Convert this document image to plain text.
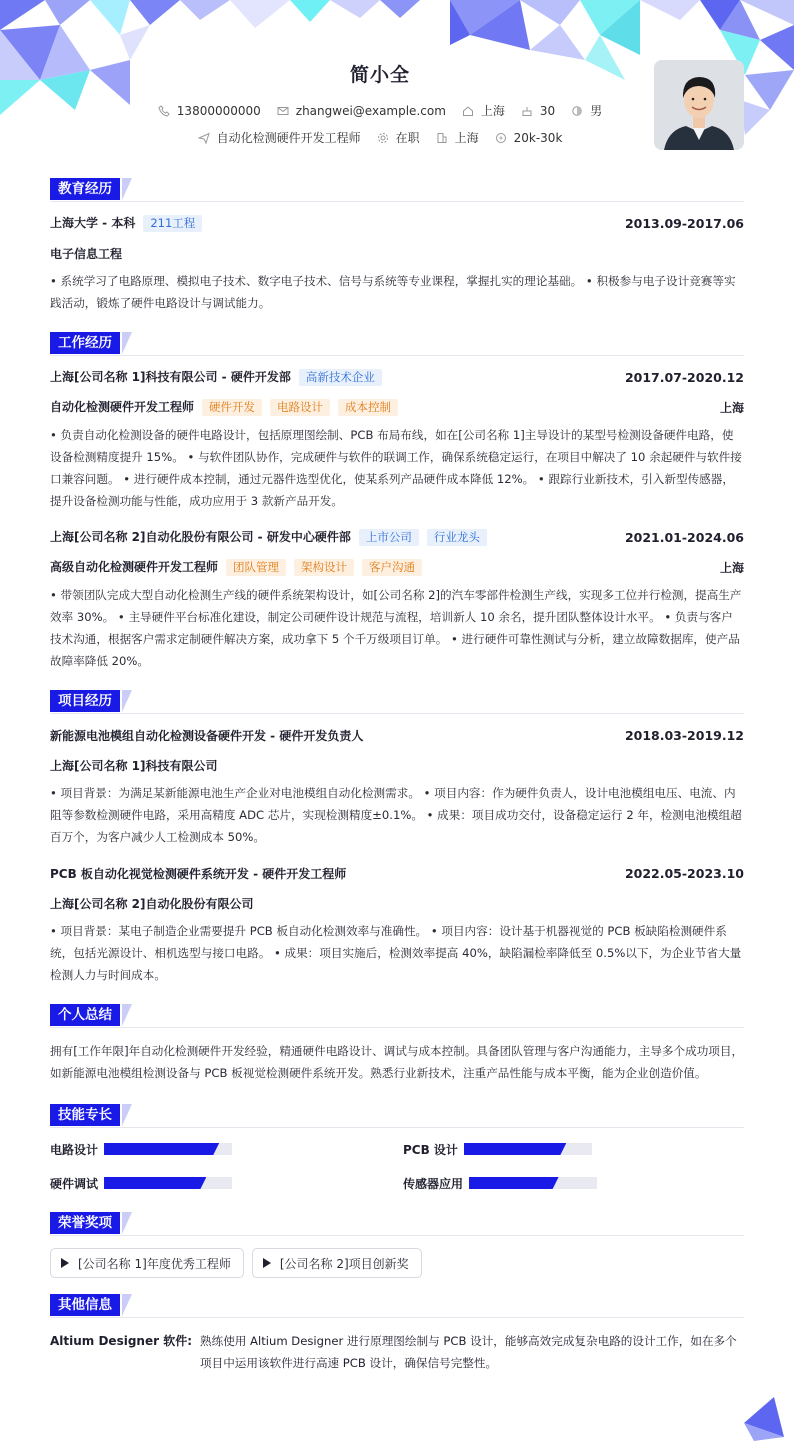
简小全
13800000000	zhangwei@example.com	上海	30	男
自动化检测硬件开发工程师	在职	上海	20k-30k
教育经历
上海大学 - 本科 211工程	2013.09-2017.06
电子信息工程
• 系统学习了电路原理、模拟电子技术、数字电子技术、信号与系统等专业课程，掌握扎实的理论基础。 • 积极参与电子设计竞赛等实践活动，锻炼了硬件电路设计与调试能力。
工作经历
上海[公司名称 1]科技有限公司 - 硬件开发部 高新技术企业	2017.07-2020.12
自动化检测硬件开发工程师 硬件开发 电路设计 成本控制	上海
• 负责自动化检测设备的硬件电路设计，包括原理图绘制、PCB 布局布线，如在[公司名称 1]主导设计的某型号检测设备硬件电路，使设备检测精度提升 15%。 • 与软件团队协作，完成硬件与软件的联调工作，确保系统稳定运行，在项目中解决了 10 余起硬件与软件接口兼容问题。 • 进行硬件成本控制，通过元器件选型优化，使某系列产品硬件成本降低 12%。 • 跟踪行业新技术，引入新型传感器，提升设备检测功能与性能，成功应用于 3 款新产品开发。
上海[公司名称 2]自动化股份有限公司 - 研发中心硬件部 上市公司 行业龙头	2021.01-2024.06
高级自动化检测硬件开发工程师 团队管理 架构设计 客户沟通	上海
• 带领团队完成大型自动化检测生产线的硬件系统架构设计，如[公司名称 2]的汽车零部件检测生产线，实现多工位并行检测，提高生产效率 30%。 • 主导硬件平台标准化建设，制定公司硬件设计规范与流程，培训新人 10 余名，提升团队整体设计水平。 • 负责与客户技术沟通，根据客户需求定制硬件解决方案，成功拿下 5 个千万级项目订单。 • 进行硬件可靠性测试与分析，建立故障数据库，使产品故障率降低 20%。
项目经历
新能源电池模组自动化检测设备硬件开发 - 硬件开发负责人	2018.03-2019.12
上海[公司名称 1]科技有限公司
• 项目背景：为满足某新能源电池生产企业对电池模组自动化检测需求。 • 项目内容：作为硬件负责人，设计电池模组电压、电流、内阻等参数检测硬件电路，采用高精度 ADC 芯片，实现检测精度±0.1%。 • 成果：项目成功交付，设备稳定运行 2 年，检测电池模组超百万个，为客户减少人工检测成本 50%。
PCB 板自动化视觉检测硬件系统开发 - 硬件开发工程师	2022.05-2023.10
上海[公司名称 2]自动化股份有限公司
• 项目背景：某电子制造企业需要提升 PCB 板自动化检测效率与准确性。 • 项目内容：设计基于机器视觉的 PCB 板缺陷检测硬件系统，包括光源设计、相机选型与接口电路。 • 成果：项目实施后，检测效率提高 40%，缺陷漏检率降低至 0.5%以下，为企业节省大量检测人力与时间成本。
个人总结
拥有[工作年限]年自动化检测硬件开发经验，精通硬件电路设计、调试与成本控制。具备团队管理与客户沟通能力，主导多个成功项目，如新能源电池模组检测设备与 PCB 板视觉检测硬件系统开发。熟悉行业新技术，注重产品性能与成本平衡，能为企业创造价值。
技能专长
电路设计	PCB 设计
硬件调试	传感器应用
荣誉奖项
[公司名称 1]年度优秀工程师	[公司名称 2]项目创新奖
其他信息
Altium Designer 软件: 熟练使用 Altium Designer 进行原理图绘制与 PCB 设计，能够高效完成复杂电路的设计工作，如在多个项目中运用该软件进行高速 PCB 设计，确保信号完整性。
